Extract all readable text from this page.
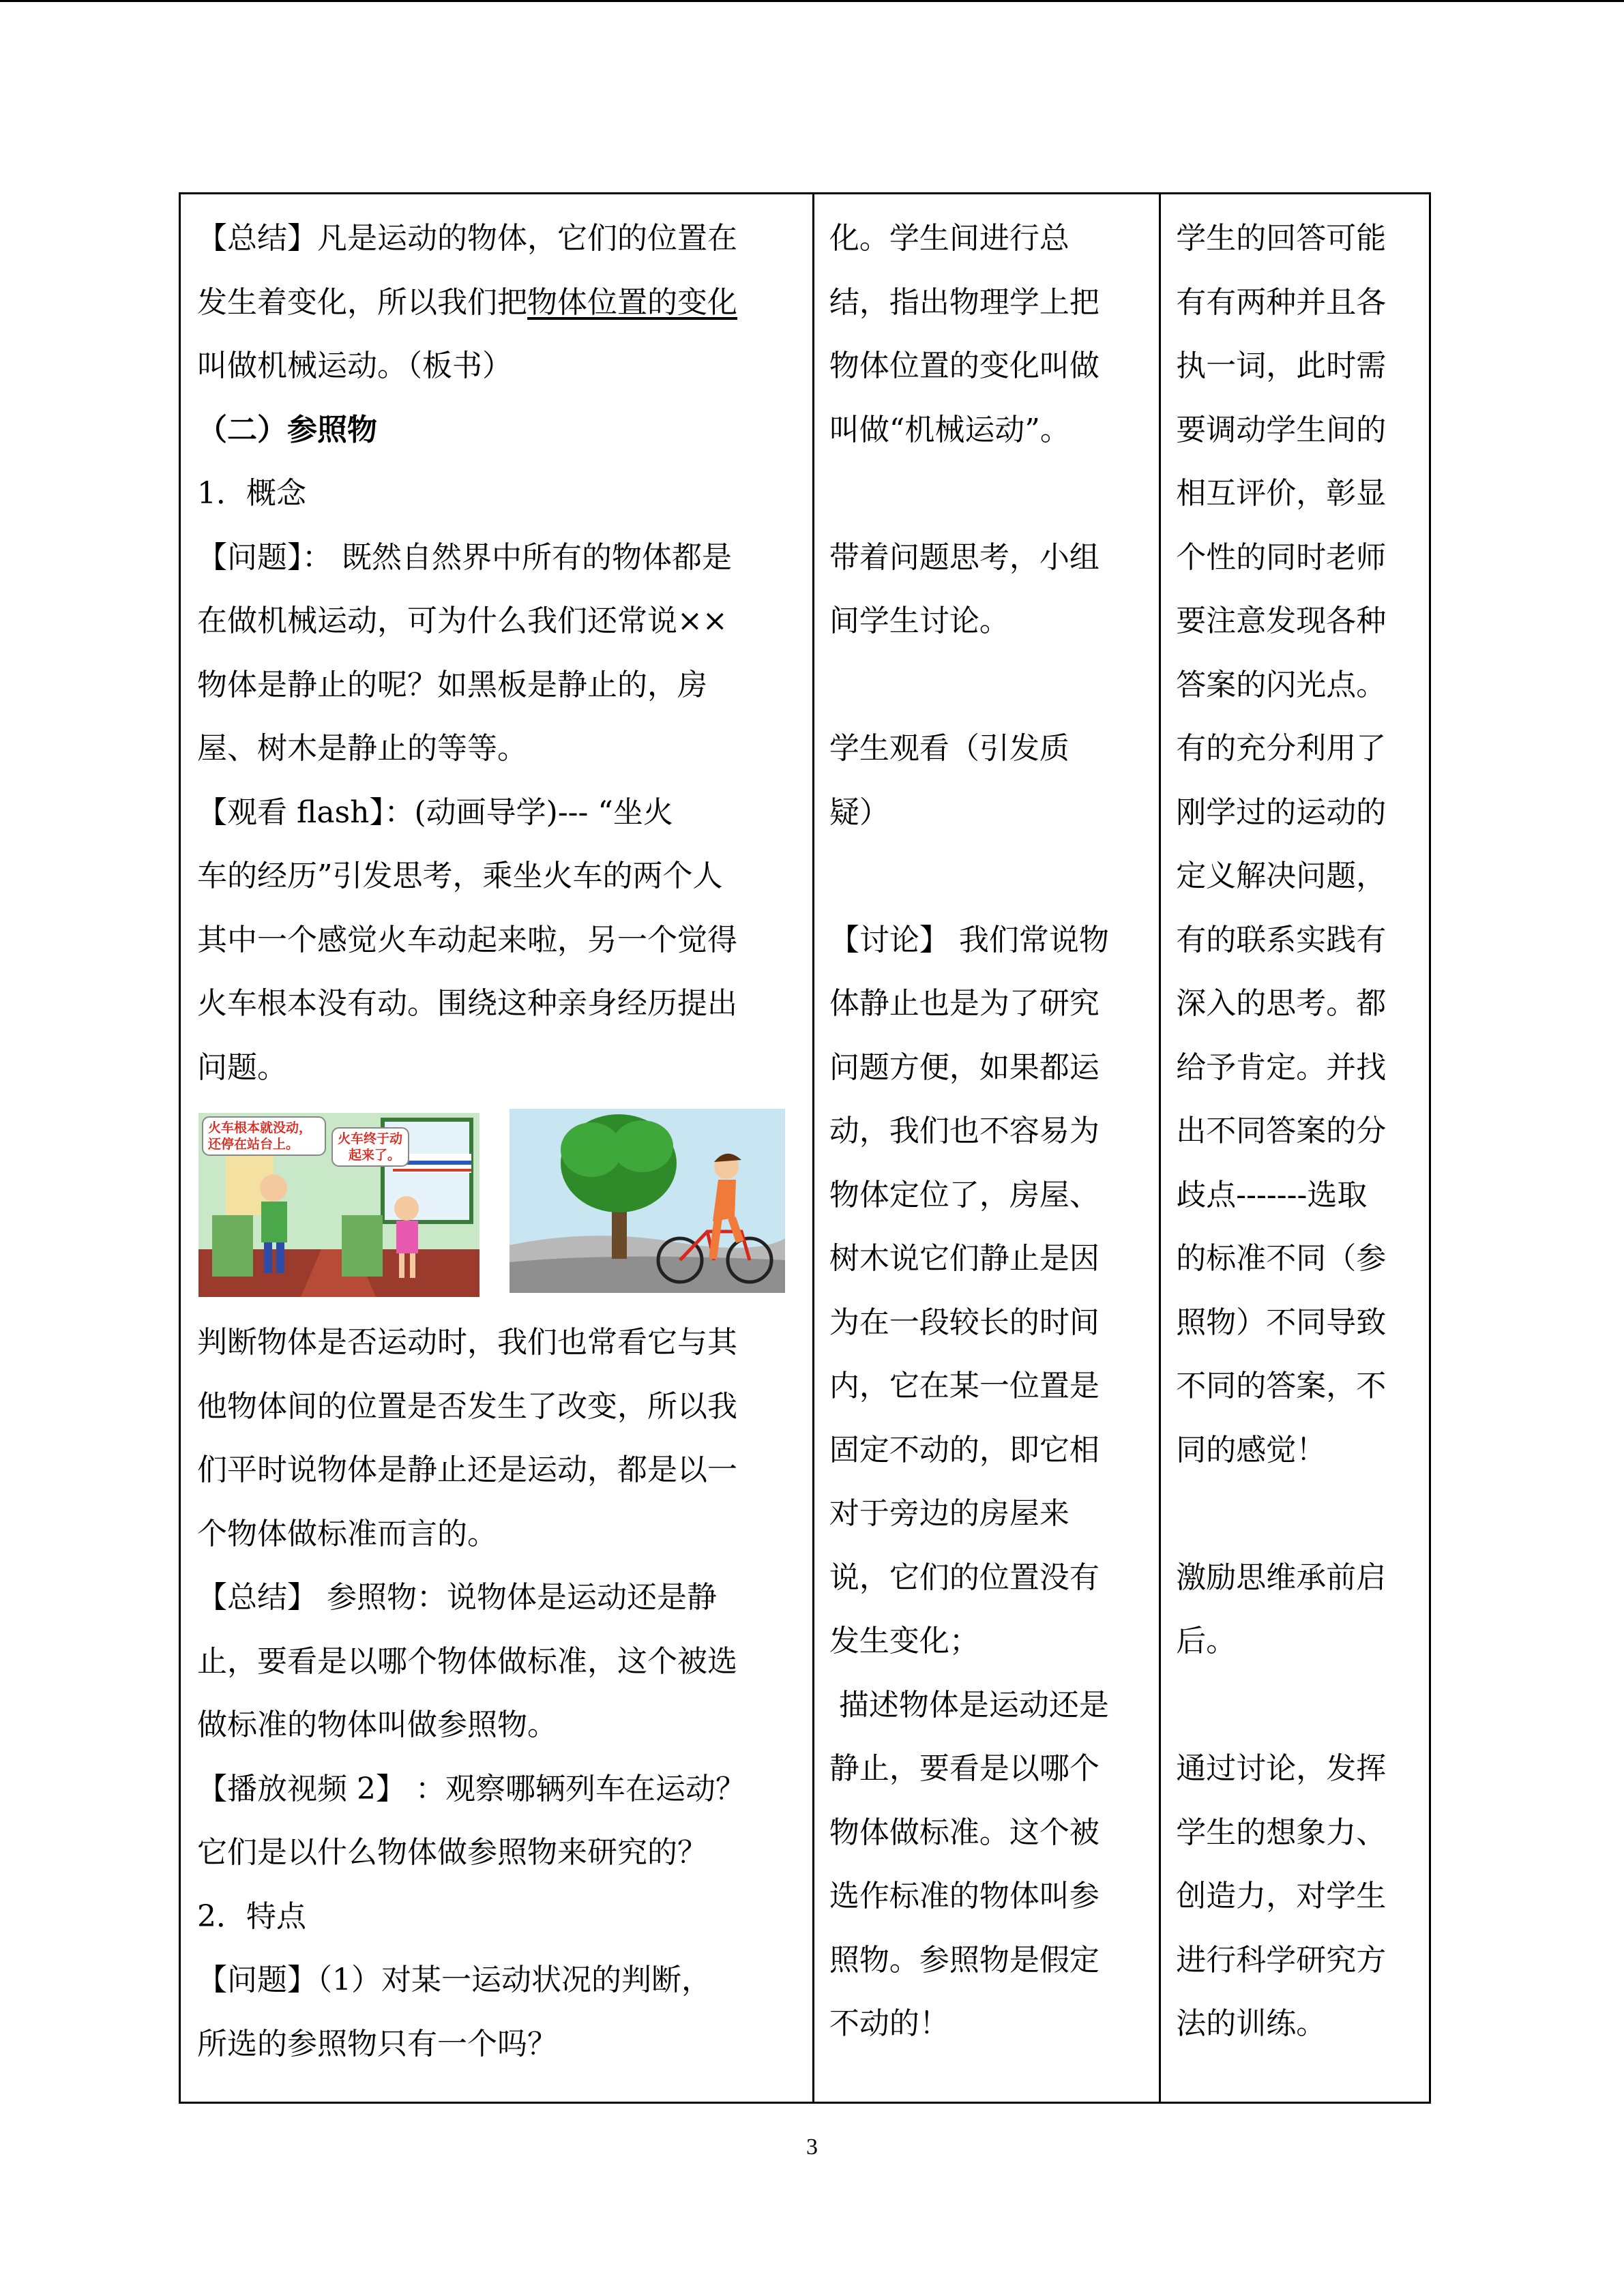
【总结】凡是运动的物体，它们的位置在
发生着变化，所以我们把物体位置的变化
叫做机械运动。（板书）
（二）参照物
1．概念
【问题】： 既然自然界中所有的物体都是
在做机械运动，可为什么我们还常说××
物体是静止的呢？如黑板是静止的，房
屋、树木是静止的等等。
【观看 flash】：(动画导学)--- “坐火
车的经历”引发思考，乘坐火车的两个人
其中一个感觉火车动起来啦，另一个觉得
火车根本没有动。围绕这种亲身经历提出
问题。
火车根本就没动，
还停在站台上。	火车终于动
起来了。
判断物体是否运动时，我们也常看它与其
他物体间的位置是否发生了改变，所以我
们平时说物体是静止还是运动，都是以一
个物体做标准而言的。
【总结】 参照物：说物体是运动还是静
止，要看是以哪个物体做标准，这个被选
做标准的物体叫做参照物。
【播放视频 2】 ：观察哪辆列车在运动？
它们是以什么物体做参照物来研究的？
2．特点
【问题】（1）对某一运动状况的判断，
所选的参照物只有一个吗？
化。学生间进行总
结，指出物理学上把
物体位置的变化叫做
叫做“机械运动”。
带着问题思考，小组
间学生讨论。
学生观看（引发质
疑）
【讨论】 我们常说物
体静止也是为了研究
问题方便，如果都运
动，我们也不容易为
物体定位了，房屋、
树木说它们静止是因
为在一段较长的时间
内，它在某一位置是
固定不动的，即它相
对于旁边的房屋来
说，它们的位置没有
发生变化；
描述物体是运动还是
静止，要看是以哪个
物体做标准。这个被
选作标准的物体叫参
照物。参照物是假定
不动的！
学生的回答可能
有有两种并且各
执一词，此时需
要调动学生间的
相互评价，彰显
个性的同时老师
要注意发现各种
答案的闪光点。
有的充分利用了
刚学过的运动的
定义解决问题，
有的联系实践有
深入的思考。都
给予肯定。并找
出不同答案的分
歧点-------选取
的标准不同（参
照物）不同导致
不同的答案，不
同的感觉！
激励思维承前启
后。
通过讨论，发挥
学生的想象力、
创造力，对学生
进行科学研究方
法的训练。
3
